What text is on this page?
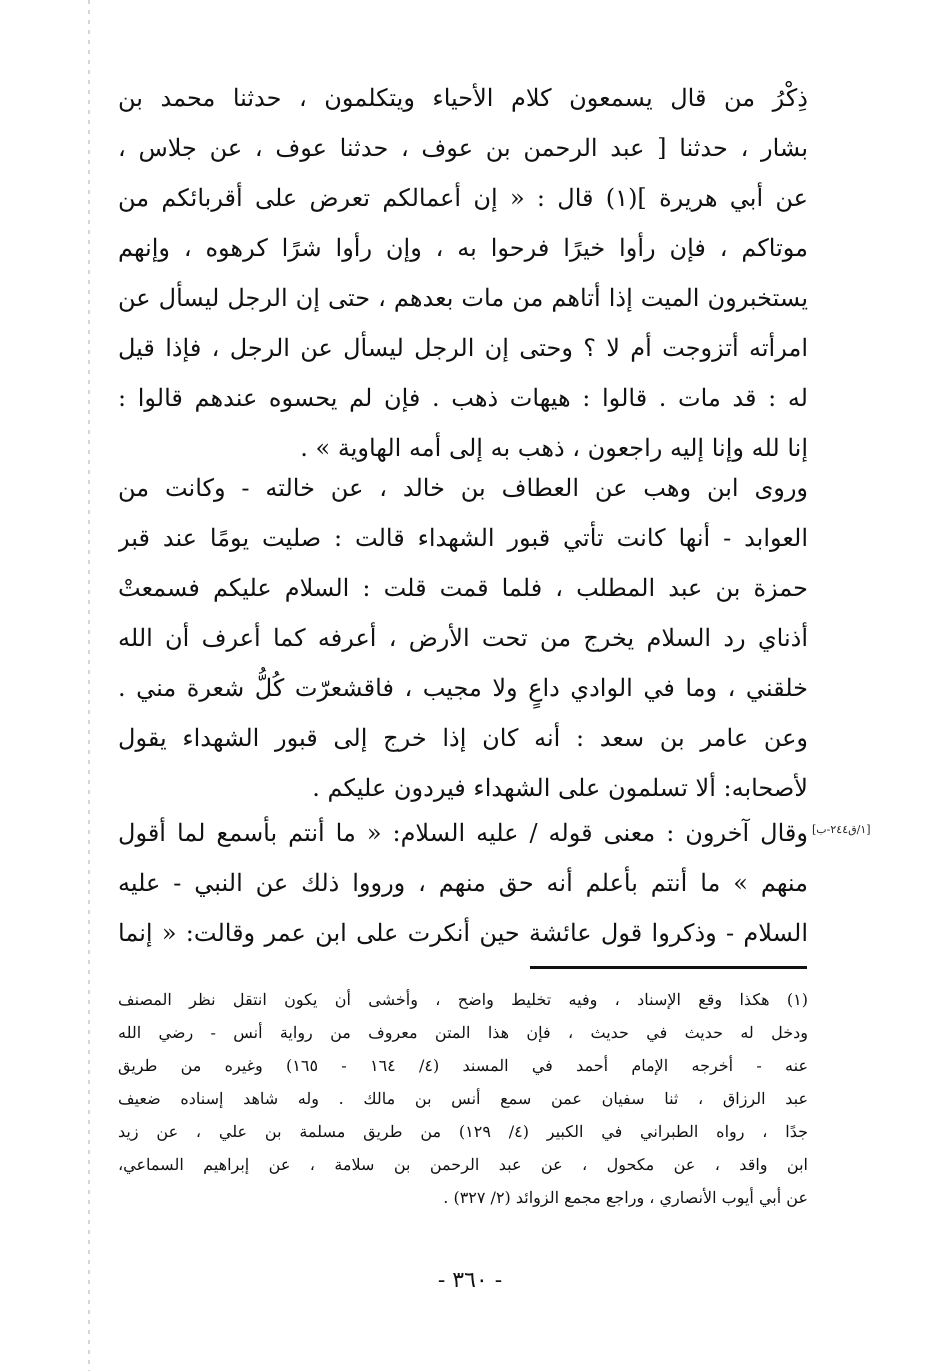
ذِكْرُ من قال يسمعون كلام الأحياء ويتكلمون ، حدثنا محمد بن
بشار ، حدثنا [ عبد الرحمن بن عوف ، حدثنا عوف ، عن جلاس ،
عن أبي هريرة ](١) قال : « إن أعمالكم تعرض على أقربائكم من
موتاكم ، فإن رأوا خيرًا فرحوا به ، وإن رأوا شرًا كرهوه ، وإنهم
يستخبرون الميت إذا أتاهم من مات بعدهم ، حتى إن الرجل ليسأل عن
امرأته أتزوجت أم لا ؟ وحتى إن الرجل ليسأل عن الرجل ، فإذا قيل
له : قد مات . قالوا : هيهات ذهب . فإن لم يحسوه عندهم قالوا :
إنا لله وإنا إليه راجعون ، ذهب به إلى أمه الهاوية » .
وروى ابن وهب عن العطاف بن خالد ، عن خالته - وكانت من
العوابد - أنها كانت تأتي قبور الشهداء قالت : صليت يومًا عند قبر
حمزة بن عبد المطلب ، فلما قمت قلت : السلام عليكم فسمعتْ
أذناي رد السلام يخرج من تحت الأرض ، أعرفه كما أعرف أن الله
خلقني ، وما في الوادي داعٍ ولا مجيب ، فاقشعرّت كُلُّ شعرة مني .
وعن عامر بن سعد : أنه كان إذا خرج إلى قبور الشهداء يقول
لأصحابه: ألا تسلمون على الشهداء فيردون عليكم .
وقال آخرون : معنى قوله / عليه السلام: « ما أنتم بأسمع لما أقول
منهم » ما أنتم بأعلم أنه حق منهم ، ورووا ذلك عن النبي - عليه
السلام - وذكروا قول عائشة حين أنكرت على ابن عمر وقالت: « إنما
[١/ق٢٤٤-ب]
(١) هكذا وقع الإسناد ، وفيه تخليط واضح ، وأخشى أن يكون انتقل نظر المصنف
ودخل له حديث في حديث ، فإن هذا المتن معروف من رواية أنس - رضي الله
عنه - أخرجه الإمام أحمد في المسند (٤/ ١٦٤ - ١٦٥) وغيره من طريق
عبد الرزاق ، ثنا سفيان عمن سمع أنس بن مالك . وله شاهد إسناده ضعيف
جدًا ، رواه الطبراني في الكبير (٤/ ١٢٩) من طريق مسلمة بن علي ، عن زيد
ابن واقد ، عن مكحول ، عن عبد الرحمن بن سلامة ، عن إبراهيم السماعي،
عن أبي أيوب الأنصاري ، وراجع مجمع الزوائد (٢/ ٣٢٧) .
- ٣٦٠ -
